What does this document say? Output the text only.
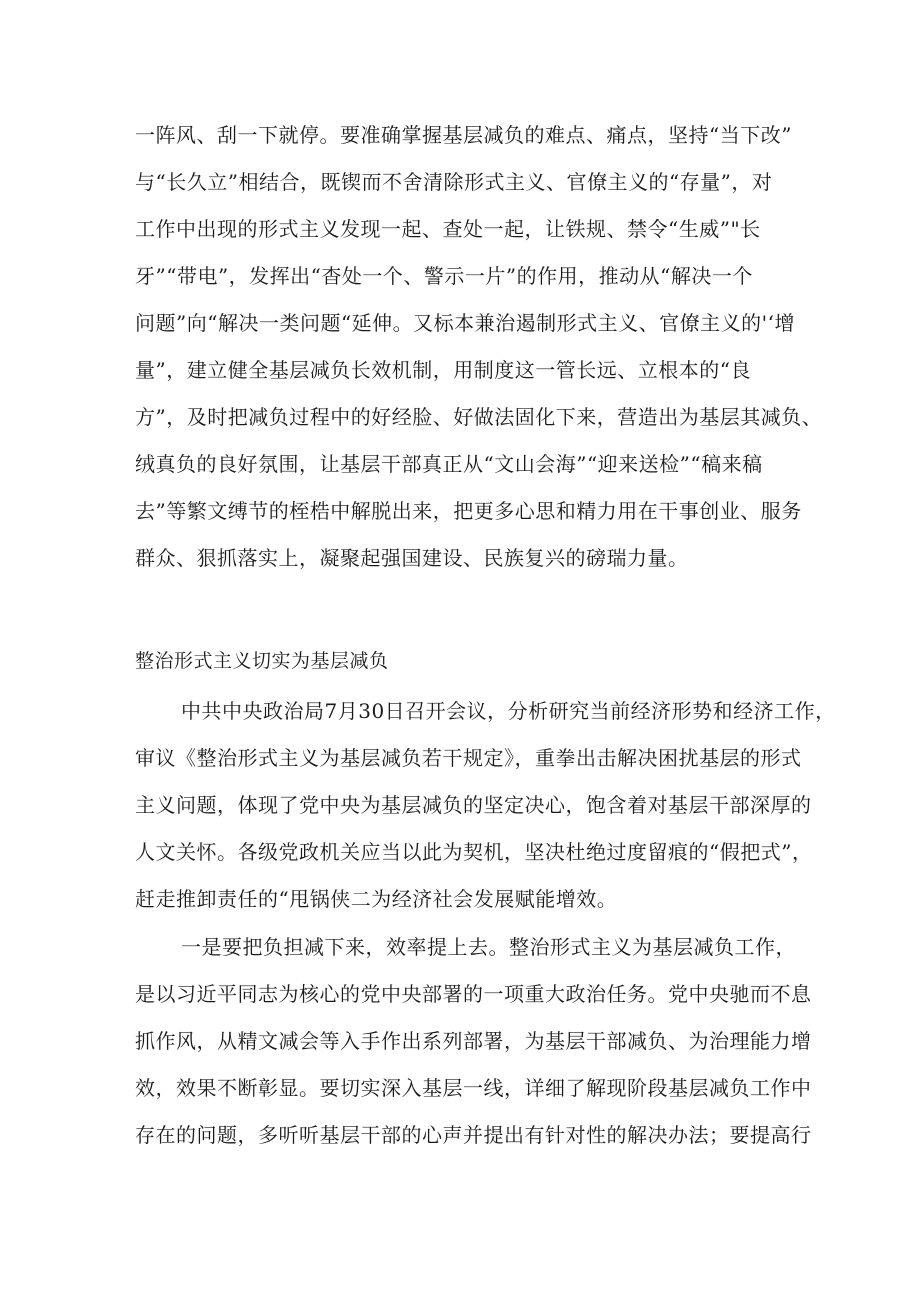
一阵风、刮一下就停。要准确掌握基层减负的难点、痛点，坚持“当下改”
与“长久立”相结合，既锲而不舍清除形式主义、官僚主义的“存量”，对
工作中出现的形式主义发现一起、查处一起，让铁规、禁令“生威”"长
牙”“带电”，发挥出“杳处一个、警示一片”的作用，推动从“解决一个
问题”向“解决一类问题“延伸。又标本兼治遏制形式主义、官僚主义的'‘增
量”，建立健全基层减负长效机制，用制度这一管长远、立根本的“良
方”，及时把减负过程中的好经脸、好做法固化下来，营造出为基层其减负、
绒真负的良好氛围，让基层干部真正从“文山会海”“迎来送检”“稿来稿
去”等繁文缚节的桎梏中解脱出来，把更多心思和精力用在干事创业、服务
群众、狠抓落实上，凝聚起强国建设、民族复兴的磅瑞力量。
整治形式主义切实为基层减负
中共中央政治局7月30日召开会议，分析研究当前经济形势和经济工作，
审议《整治形式主义为基层减负若干规定》，重拳出击解决困扰基层的形式
主义问题，体现了党中央为基层减负的坚定决心，饱含着对基层干部深厚的
人文关怀。各级党政机关应当以此为契机，坚决杜绝过度留痕的“假把式”，
赶走推卸责任的“甩锅侠二为经济社会发展赋能增效。
一是要把负担减下来，效率提上去。整治形式主义为基层减负工作，
是以习近平同志为核心的党中央部署的一项重大政治任务。党中央驰而不息
抓作风，从精文减会等入手作出系列部署，为基层干部减负、为治理能力增
效，效果不断彰显。要切实深入基层一线，详细了解现阶段基层减负工作中
存在的问题，多听听基层干部的心声并提出有针对性的解决办法；要提高行
